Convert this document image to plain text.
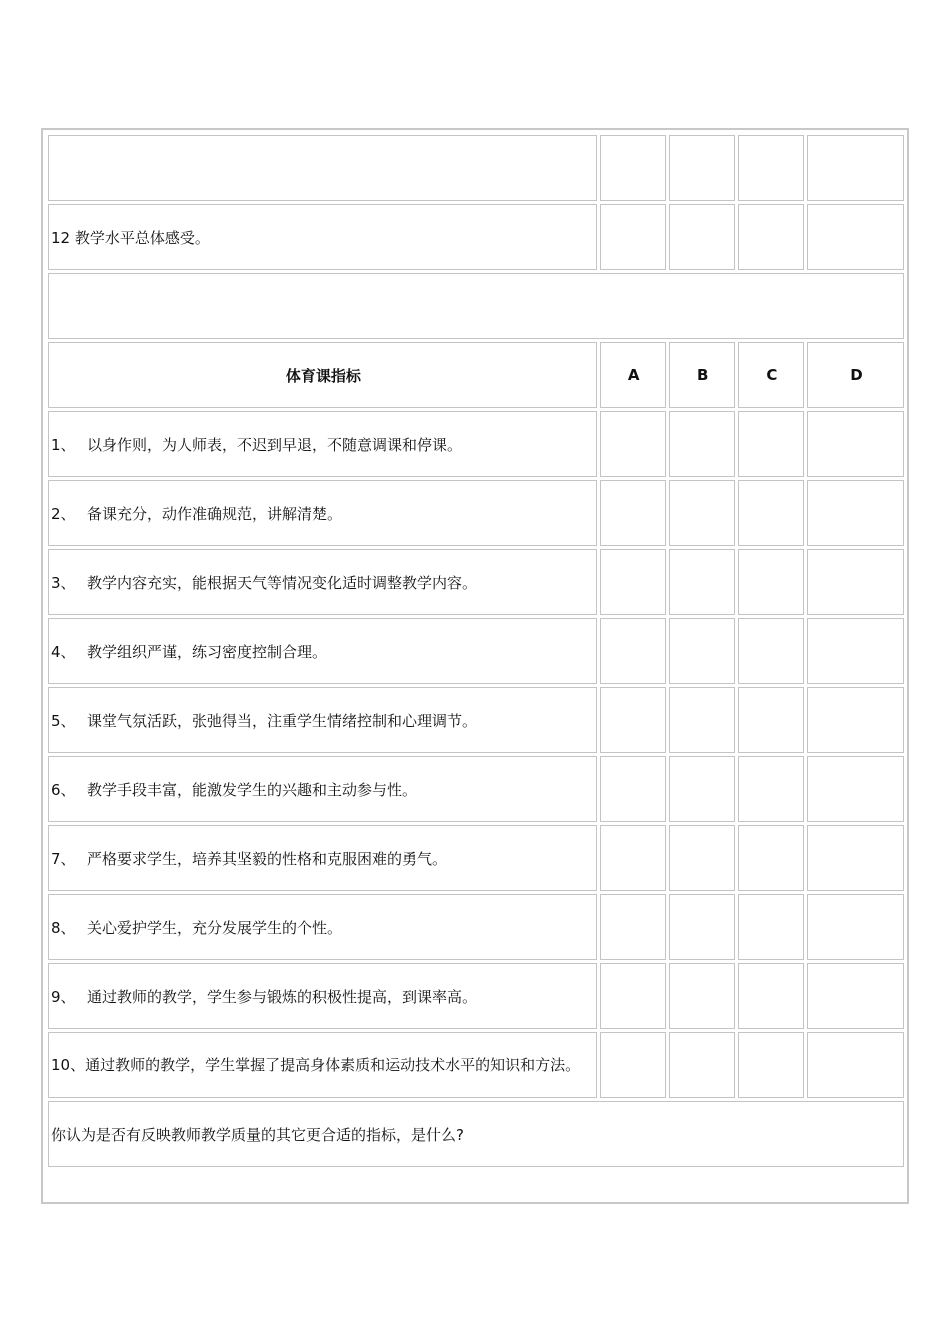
12 教学水平总体感受。				

体育课指标	A	B	C	D
1、 以身作则，为人师表，不迟到早退，不随意调课和停课。				
2、 备课充分，动作准确规范，讲解清楚。				
3、 教学内容充实，能根据天气等情况变化适时调整教学内容。				
4、 教学组织严谨，练习密度控制合理。				
5、 课堂气氛活跃，张弛得当，注重学生情绪控制和心理调节。				
6、 教学手段丰富，能激发学生的兴趣和主动参与性。				
7、 严格要求学生，培养其坚毅的性格和克服困难的勇气。				
8、 关心爱护学生，充分发展学生的个性。				
9、 通过教师的教学，学生参与锻炼的积极性提高，到课率高。				
10、通过教师的教学，学生掌握了提高身体素质和运动技术水平的知识和方法。				
你认为是否有反映教师教学质量的其它更合适的指标，是什么?				
